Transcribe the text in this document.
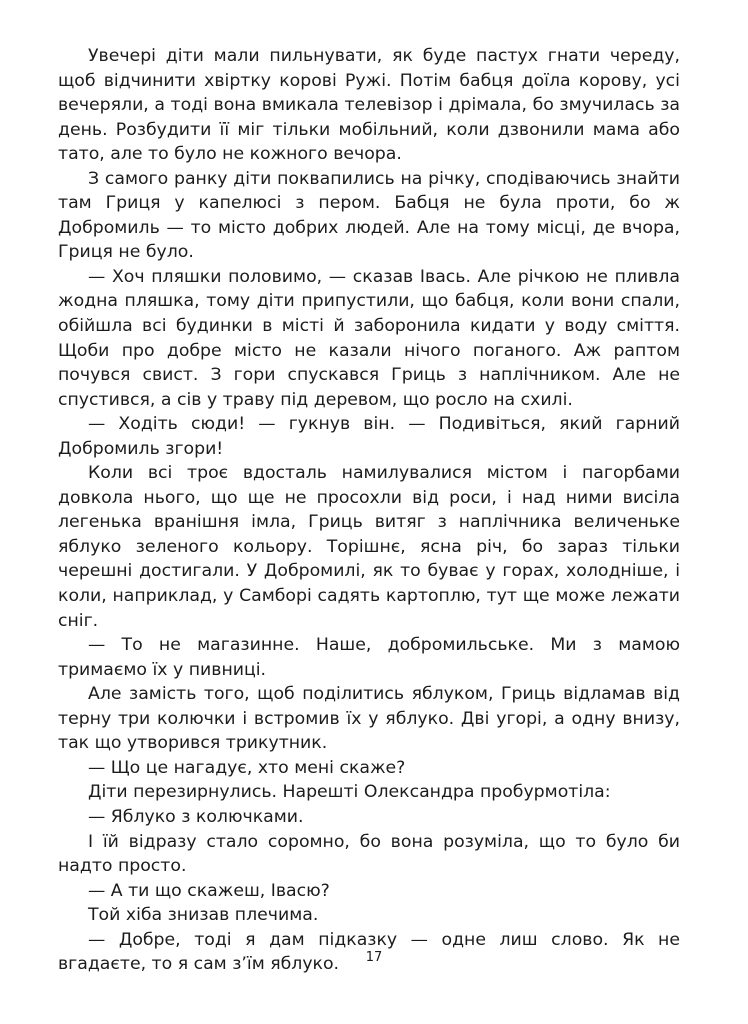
Увечері діти мали пильнувати, як буде пастух гнати череду, щоб відчинити хвіртку корові Ружі. Потім бабця доїла корову, усі вечеряли, а тоді вона вмикала телевізор і дрімала, бо змучилась за день. Розбудити її міг тільки мобільний, коли дзвонили мама або тато, але то було не кожного вечора.

З самого ранку діти поквапились на річку, сподіваючись знайти там Гриця у капелюсі з пером. Бабця не була проти, бо ж Добромиль — то місто добрих людей. Але на тому місці, де вчора, Гриця не було.

— Хоч пляшки половимо, — сказав Івась. Але річкою не пливла жодна пляшка, тому діти припустили, що бабця, коли вони спали, обійшла всі будинки в місті й заборонила кидати у воду сміття. Щоби про добре місто не казали нічого поганого. Аж раптом почувся свист. З гори спускався Гриць з наплічником. Але не спустився, а сів у траву під деревом, що росло на схилі.

— Ходіть сюди! — гукнув він. — Подивіться, який гарний Добромиль згори!

Коли всі троє вдосталь намилувалися містом і пагорбами довкола нього, що ще не просохли від роси, і над ними висіла легенька вранішня імла, Гриць витяг з наплічника величеньке яблуко зеленого кольору. Торішнє, ясна річ, бо зараз тільки черешні достигали. У Добромилі, як то буває у горах, холодніше, і коли, наприклад, у Самборі садять картоплю, тут ще може лежати сніг.

— То не магазинне. Наше, добромильське. Ми з мамою тримаємо їх у пивниці.

Але замість того, щоб поділитись яблуком, Гриць відламав від терну три колючки і встромив їх у яблуко. Дві угорі, а одну внизу, так що утворився трикутник.

— Що це нагадує, хто мені скаже?

Діти перезирнулись. Нарешті Олександра пробурмотіла:

— Яблуко з колючками.

І їй відразу стало соромно, бо вона розуміла, що то було би надто просто.

— А ти що скажеш, Івасю?

Той хіба знизав плечима.

— Добре, тоді я дам підказку — одне лиш слово. Як не вгадаєте, то я сам з’їм яблуко.	17
